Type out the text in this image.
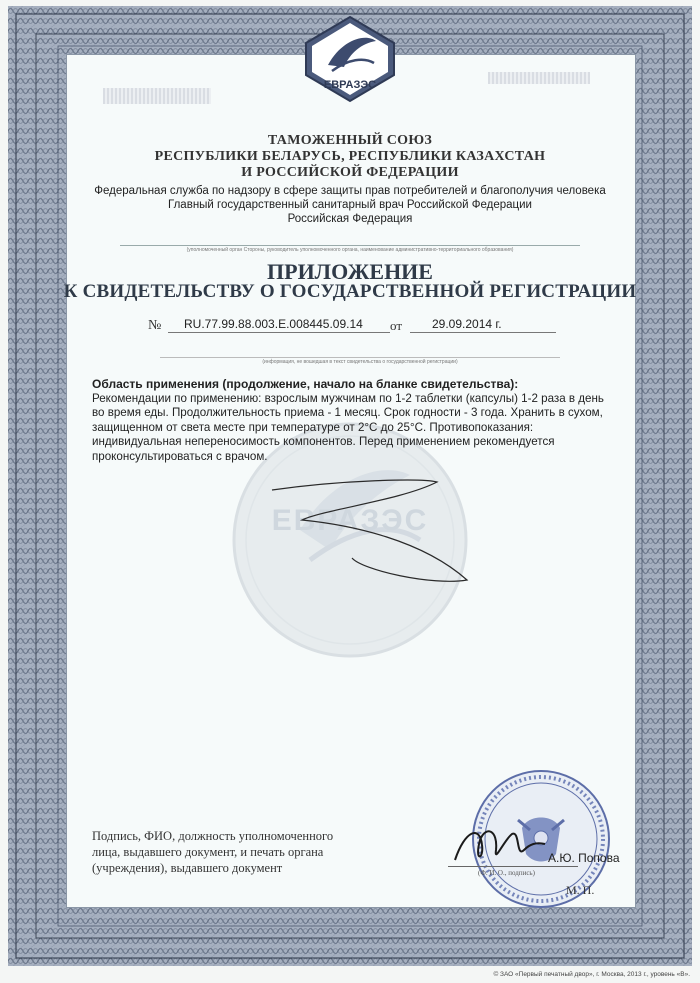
ЕВРАЗЭС
ЕВРАЗЭС
ТАМОЖЕННЫЙ СОЮЗ
РЕСПУБЛИКИ БЕЛАРУСЬ, РЕСПУБЛИКИ КАЗАХСТАН
И РОССИЙСКОЙ ФЕДЕРАЦИИ
Федеральная служба по надзору в сфере защиты прав потребителей и благополучия человека
Главный государственный санитарный врач Российской Федерации
Российская Федерация
(уполномоченный орган Стороны, руководитель уполномоченного органа, наименование административно-территориального образования)
ПРИЛОЖЕНИЕ
К СВИДЕТЕЛЬСТВУ О ГОСУДАРСТВЕННОЙ РЕГИСТРАЦИИ
№ RU.77.99.88.003.E.008445.09.14 от 29.09.2014 г.
(информация, не вошедшая в текст свидетельства о государственной регистрации)
Область применения (продолжение, начало на бланке свидетельства):
Рекомендации по применению: взрослым мужчинам по 1-2 таблетки (капсулы) 1-2 раза в день во время еды. Продолжительность приема - 1 месяц. Срок годности - 3 года. Хранить в сухом, защищенном от света месте при температуре от 2°C до 25°C. Противопоказания: индивидуальная непереносимость компонентов. Перед применением рекомендуется проконсультироваться с врачом.
Подпись, ФИО, должность уполномоченного
лица, выдавшего документ, и печать органа
(учреждения), выдавшего документ
А.Ю. Попова
(Ф. И. О., подпись)
М. П.
© ЗАО «Первый печатный двор», г. Москва, 2013 г., уровень «В».
